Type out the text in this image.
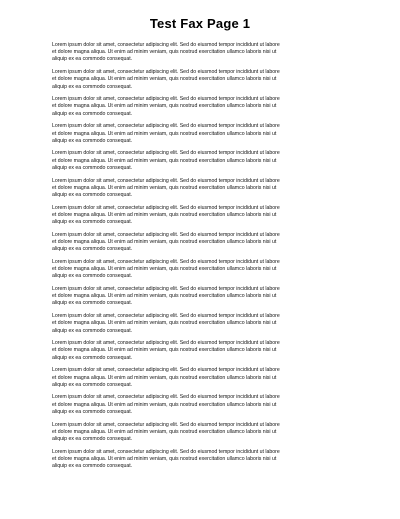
Test Fax Page 1
Lorem ipsum dolor sit amet, consectetur adipiscing elit. Sed do eiusmod tempor incididunt ut labore
et dolore magna aliqua. Ut enim ad minim veniam, quis nostrud exercitation ullamco laboris nisi ut
aliquip ex ea commodo consequat.
Lorem ipsum dolor sit amet, consectetur adipiscing elit. Sed do eiusmod tempor incididunt ut labore
et dolore magna aliqua. Ut enim ad minim veniam, quis nostrud exercitation ullamco laboris nisi ut
aliquip ex ea commodo consequat.
Lorem ipsum dolor sit amet, consectetur adipiscing elit. Sed do eiusmod tempor incididunt ut labore
et dolore magna aliqua. Ut enim ad minim veniam, quis nostrud exercitation ullamco laboris nisi ut
aliquip ex ea commodo consequat.
Lorem ipsum dolor sit amet, consectetur adipiscing elit. Sed do eiusmod tempor incididunt ut labore
et dolore magna aliqua. Ut enim ad minim veniam, quis nostrud exercitation ullamco laboris nisi ut
aliquip ex ea commodo consequat.
Lorem ipsum dolor sit amet, consectetur adipiscing elit. Sed do eiusmod tempor incididunt ut labore
et dolore magna aliqua. Ut enim ad minim veniam, quis nostrud exercitation ullamco laboris nisi ut
aliquip ex ea commodo consequat.
Lorem ipsum dolor sit amet, consectetur adipiscing elit. Sed do eiusmod tempor incididunt ut labore
et dolore magna aliqua. Ut enim ad minim veniam, quis nostrud exercitation ullamco laboris nisi ut
aliquip ex ea commodo consequat.
Lorem ipsum dolor sit amet, consectetur adipiscing elit. Sed do eiusmod tempor incididunt ut labore
et dolore magna aliqua. Ut enim ad minim veniam, quis nostrud exercitation ullamco laboris nisi ut
aliquip ex ea commodo consequat.
Lorem ipsum dolor sit amet, consectetur adipiscing elit. Sed do eiusmod tempor incididunt ut labore
et dolore magna aliqua. Ut enim ad minim veniam, quis nostrud exercitation ullamco laboris nisi ut
aliquip ex ea commodo consequat.
Lorem ipsum dolor sit amet, consectetur adipiscing elit. Sed do eiusmod tempor incididunt ut labore
et dolore magna aliqua. Ut enim ad minim veniam, quis nostrud exercitation ullamco laboris nisi ut
aliquip ex ea commodo consequat.
Lorem ipsum dolor sit amet, consectetur adipiscing elit. Sed do eiusmod tempor incididunt ut labore
et dolore magna aliqua. Ut enim ad minim veniam, quis nostrud exercitation ullamco laboris nisi ut
aliquip ex ea commodo consequat.
Lorem ipsum dolor sit amet, consectetur adipiscing elit. Sed do eiusmod tempor incididunt ut labore
et dolore magna aliqua. Ut enim ad minim veniam, quis nostrud exercitation ullamco laboris nisi ut
aliquip ex ea commodo consequat.
Lorem ipsum dolor sit amet, consectetur adipiscing elit. Sed do eiusmod tempor incididunt ut labore
et dolore magna aliqua. Ut enim ad minim veniam, quis nostrud exercitation ullamco laboris nisi ut
aliquip ex ea commodo consequat.
Lorem ipsum dolor sit amet, consectetur adipiscing elit. Sed do eiusmod tempor incididunt ut labore
et dolore magna aliqua. Ut enim ad minim veniam, quis nostrud exercitation ullamco laboris nisi ut
aliquip ex ea commodo consequat.
Lorem ipsum dolor sit amet, consectetur adipiscing elit. Sed do eiusmod tempor incididunt ut labore
et dolore magna aliqua. Ut enim ad minim veniam, quis nostrud exercitation ullamco laboris nisi ut
aliquip ex ea commodo consequat.
Lorem ipsum dolor sit amet, consectetur adipiscing elit. Sed do eiusmod tempor incididunt ut labore
et dolore magna aliqua. Ut enim ad minim veniam, quis nostrud exercitation ullamco laboris nisi ut
aliquip ex ea commodo consequat.
Lorem ipsum dolor sit amet, consectetur adipiscing elit. Sed do eiusmod tempor incididunt ut labore
et dolore magna aliqua. Ut enim ad minim veniam, quis nostrud exercitation ullamco laboris nisi ut
aliquip ex ea commodo consequat.
